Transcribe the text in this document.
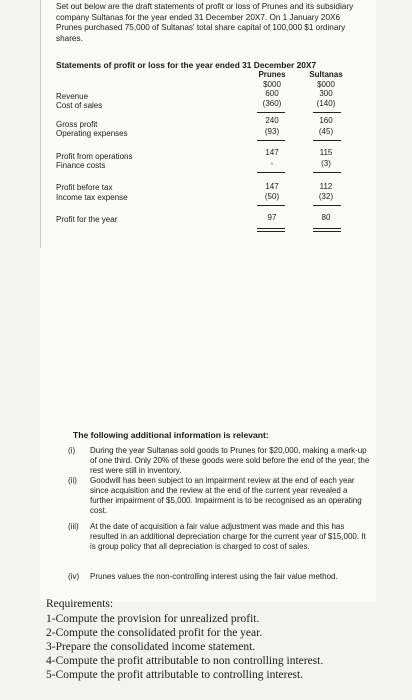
Set out below are the draft statements of profit or loss of Prunes and its subsidiary company Sultanas for the year ended 31 December 20X7. On 1 January 20X6 Prunes purchased 75,000 of Sultanas' total share capital of 100,000 $1 ordinary shares.
Statements of profit or loss for the year ended 31 December 20X7
Prunes	Sultanas
$000	$000
Revenue	600	300
Cost of sales	(360)	(140)
Gross profit	240	160
Operating expenses	(93)	(45)
Profit from operations	147	115
Finance costs	-	(3)
Profit before tax	147	112
Income tax expense	(50)	(32)
Profit for the year	97	80
The following additional information is relevant:
(i) During the year Sultanas sold goods to Prunes for $20,000, making a mark-up of one third. Only 20% of these goods were sold before the end of the year, the rest were still in inventory.
(ii) Goodwill has been subject to an impairment review at the end of each year since acquisition and the review at the end of the current year revealed a further impairment of $5,000. Impairment is to be recognised as an operating cost.
(iii) At the date of acquisition a fair value adjustment was made and this has resulted in an additional depreciation charge for the current year of $15,000. It is group policy that all depreciation is charged to cost of sales.
(iv) Prunes values the non-controlling interest using the fair value method.
Requirements:
1-Compute the provision for unrealized profit.
2-Compute the consolidated profit for the year.
3-Prepare the consolidated income statement.
4-Compute the profit attributable to non controlling interest.
5-Compute the profit attributable to controlling interest.
